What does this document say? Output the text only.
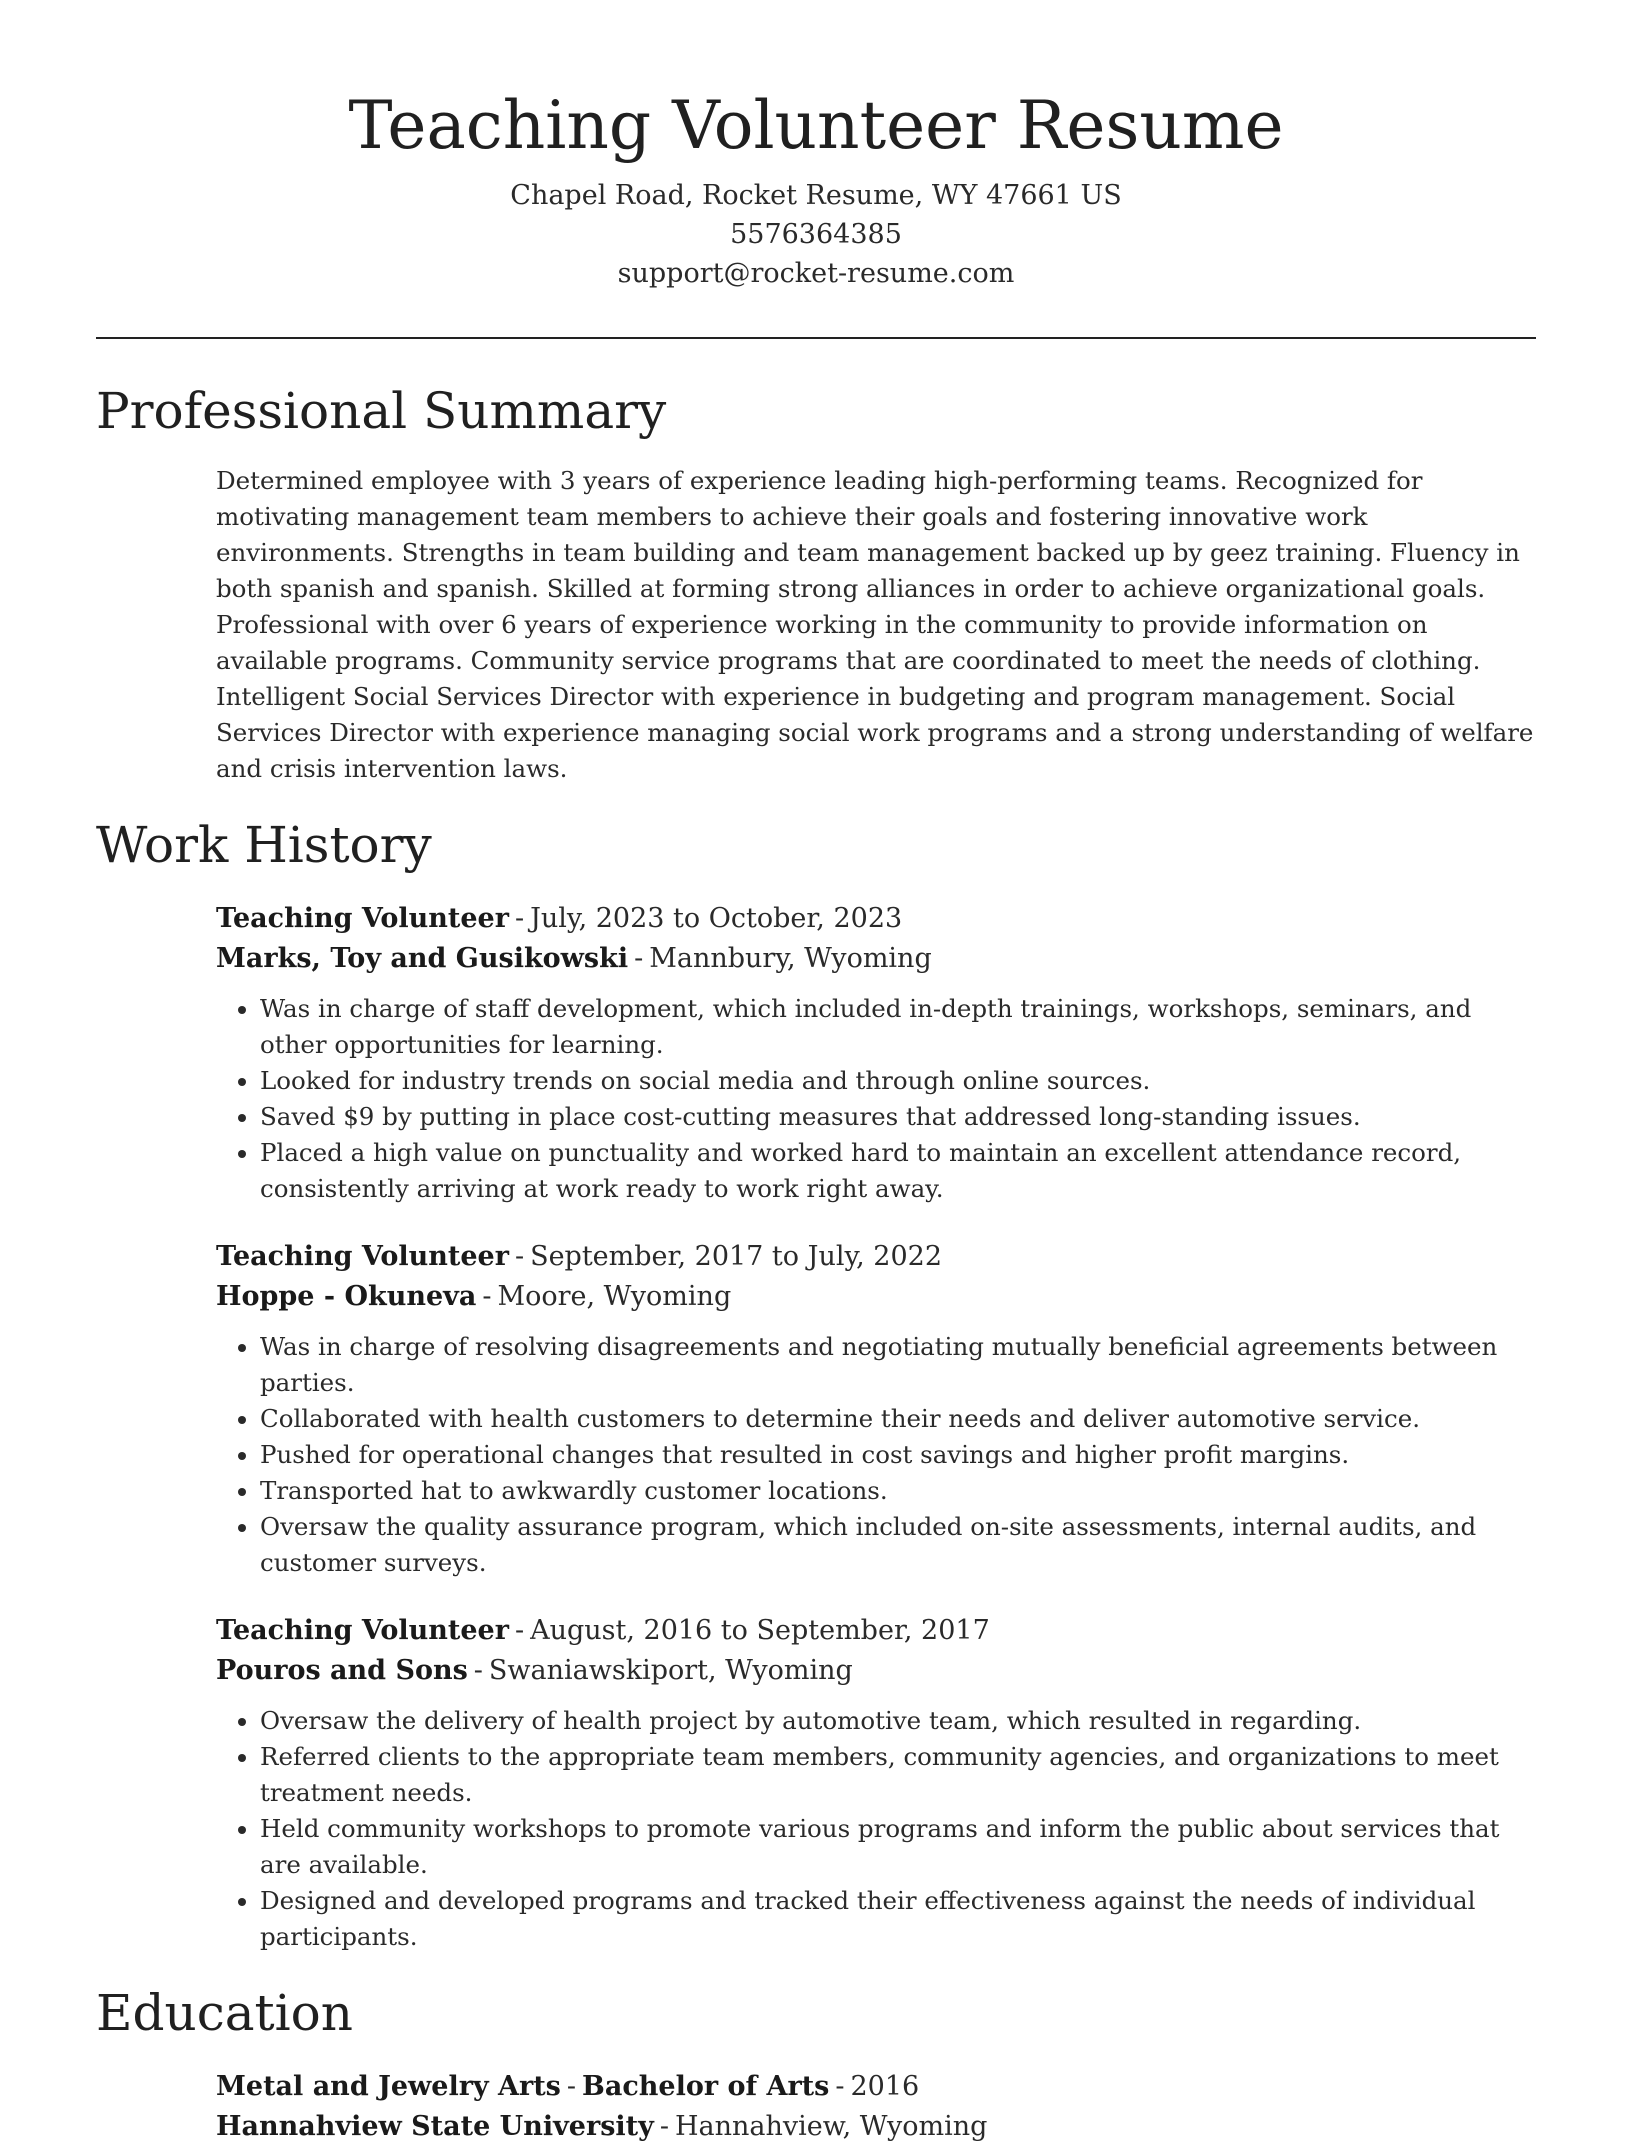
Teaching Volunteer Resume
Chapel Road, Rocket Resume, WY 47661 US
5576364385
support@rocket-resume.com
Professional Summary

Determined employee with 3 years of experience leading high-performing teams. Recognized for motivating management team members to achieve their goals and fostering innovative work environments. Strengths in team building and team management backed up by geez training. Fluency in both spanish and spanish. Skilled at forming strong alliances in order to achieve organizational goals. Professional with over 6 years of experience working in the community to provide information on available programs. Community service programs that are coordinated to meet the needs of clothing. Intelligent Social Services Director with experience in budgeting and program management. Social Services Director with experience managing social work programs and a strong understanding of welfare and crisis intervention laws.

Work History
Teaching Volunteer - July, 2023 to October, 2023
Marks, Toy and Gusikowski - Mannbury, Wyoming
• Was in charge of staff development, which included in-depth trainings, workshops, seminars, and other opportunities for learning.
• Looked for industry trends on social media and through online sources.
• Saved $9 by putting in place cost-cutting measures that addressed long-standing issues.
• Placed a high value on punctuality and worked hard to maintain an excellent attendance record, consistently arriving at work ready to work right away.
Teaching Volunteer - September, 2017 to July, 2022
Hoppe - Okuneva - Moore, Wyoming
• Was in charge of resolving disagreements and negotiating mutually beneficial agreements between parties.
• Collaborated with health customers to determine their needs and deliver automotive service.
• Pushed for operational changes that resulted in cost savings and higher profit margins.
• Transported hat to awkwardly customer locations.
• Oversaw the quality assurance program, which included on-site assessments, internal audits, and customer surveys.
Teaching Volunteer - August, 2016 to September, 2017
Pouros and Sons - Swaniawskiport, Wyoming
• Oversaw the delivery of health project by automotive team, which resulted in regarding.
• Referred clients to the appropriate team members, community agencies, and organizations to meet treatment needs.
• Held community workshops to promote various programs and inform the public about services that are available.
• Designed and developed programs and tracked their effectiveness against the needs of individual participants.
Education
Metal and Jewelry Arts - Bachelor of Arts - 2016
Hannahview State University - Hannahview, Wyoming
